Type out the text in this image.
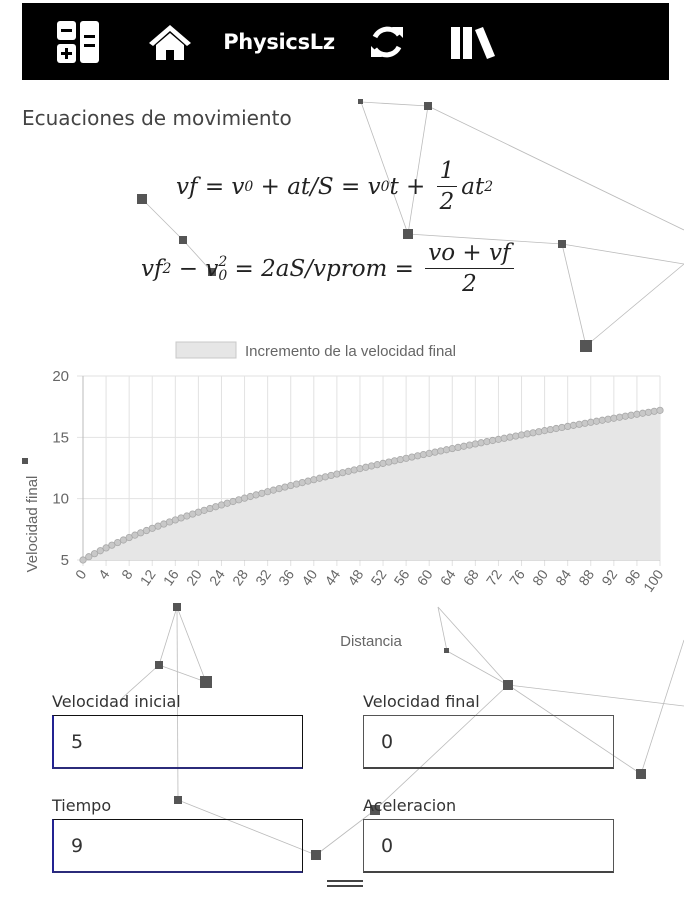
PhysicsLz
Ecuaciones de movimiento
vf = v 0 + at/S = v 0 $t + \frac{1}{2}$ at 2
vf 2 − v 2
0 = 2aS/vprom = $\frac{vo + vf}{2}$
Incremento de la velocidad final
5
10
15
20
0 4 8 12 16 20 24 28 32 36 40 44 48 52 56 60 64 68 72 76 80 84 88 92 96
100
Velocidad final
Distancia
Velocidad inicial
5	Velocidad final
0
Tiempo
9	Aceleracion
0
